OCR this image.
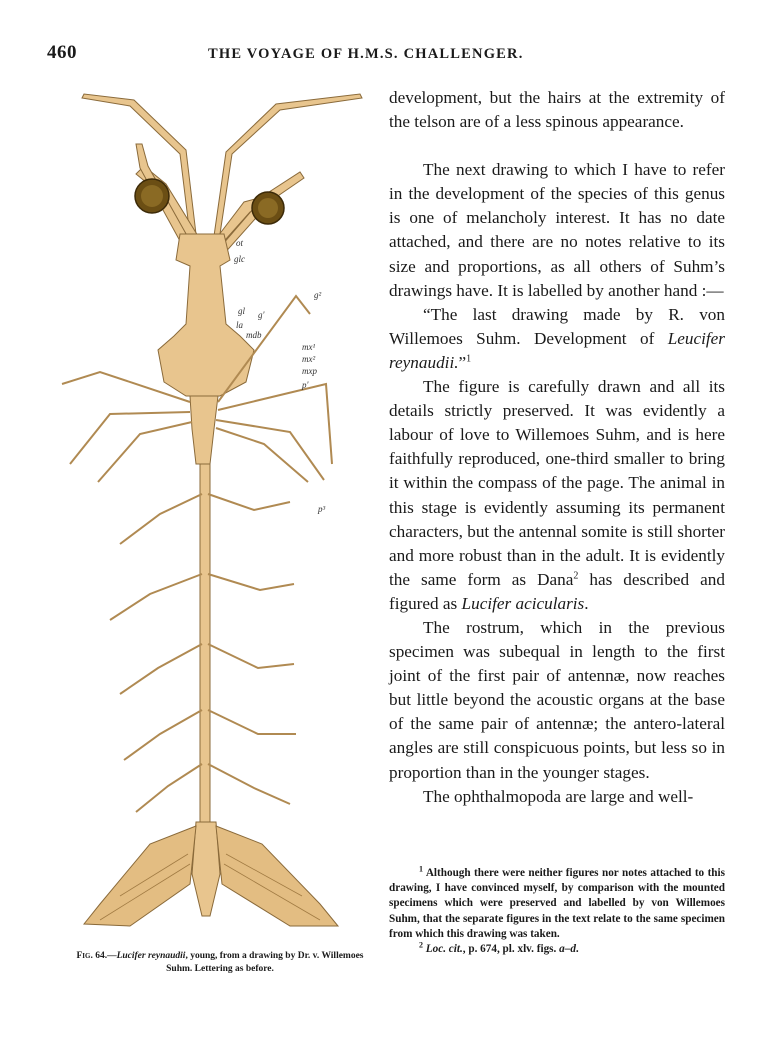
460	THE VOYAGE OF H.M.S. CHALLENGER.
ot
glc
g²
gl g'
la
mdb
mx¹
mx²
mxp
p'
p³
Fig. 64.—Lucifer reynaudii, young, from a drawing by Dr. v. Willemoes Suhm. Lettering as before.

development, but the hairs at the extremity of the telson are of a less spinous appearance.

The next drawing to which I have to refer in the development of the species of this genus is one of melancholy interest. It has no date attached, and there are no notes relative to its size and proportions, as all others of Suhm’s drawings have. It is labelled by another hand :—

“The last drawing made by R. von Willemoes Suhm. Development of Leucifer reynaudii.”$^1$

The figure is carefully drawn and all its details strictly preserved. It was evidently a labour of love to Willemoes Suhm, and is here faithfully reproduced, one-third smaller to bring it within the compass of the page. The animal in this stage is evidently assuming its permanent characters, but the antennal somite is still shorter and more robust than in the adult. It is evidently the same form as Dana$^2$ has described and figured as Lucifer acicularis.

The rostrum, which in the previous specimen was subequal in length to the first joint of the first pair of antennæ, now reaches but little beyond the acoustic organs at the base of the same pair of antennæ; the antero-lateral angles are still conspicuous points, but less so in proportion than in the younger stages.

The ophthalmopoda are large and well-

$^1$ Although there were neither figures nor notes attached to this drawing, I have convinced myself, by comparison with the mounted specimens which were preserved and labelled by von Willemoes Suhm, that the separate figures in the text relate to the same specimen from which this drawing was taken.

$^2$ Loc. cit., p. 674, pl. xlv. figs. a–d.
